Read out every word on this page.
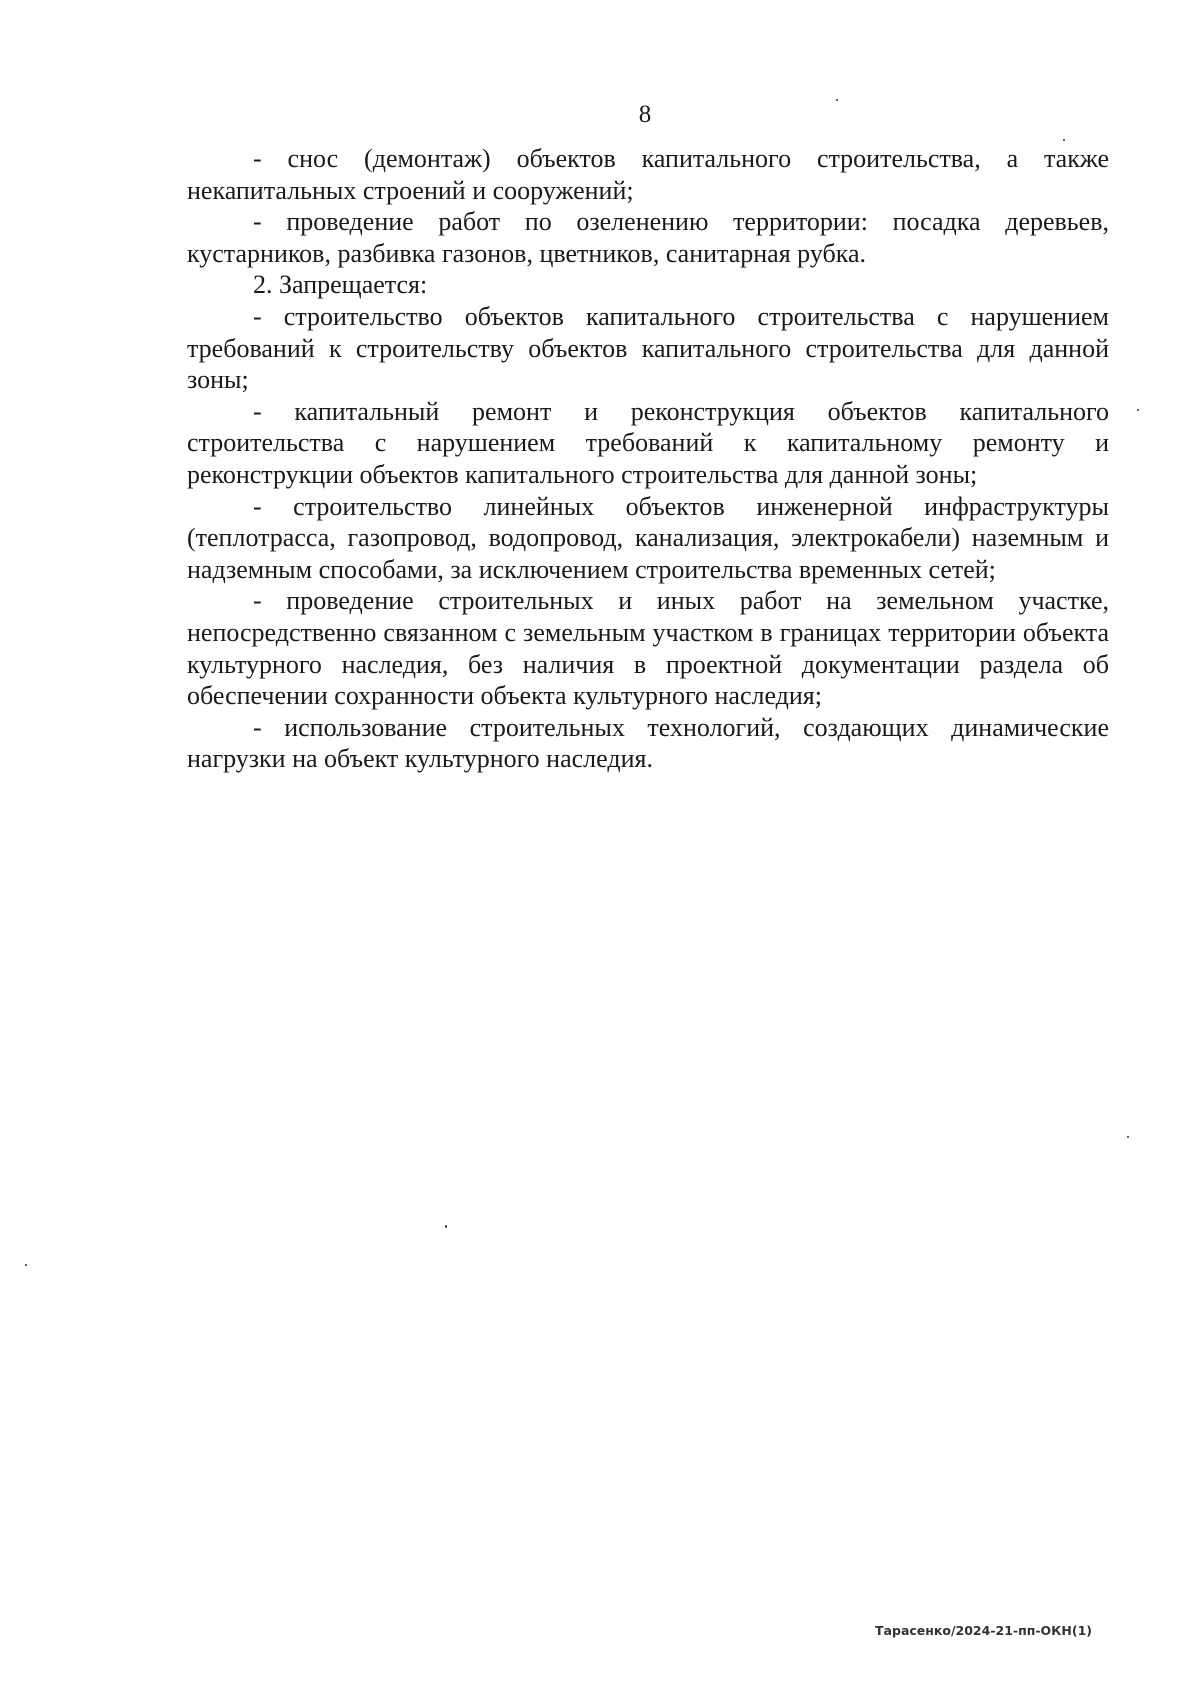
8

- снос (демонтаж) объектов капитального строительства, а также некапитальных строений и сооружений;

- проведение работ по озеленению территории: посадка деревьев, кустарников, разбивка газонов, цветников, санитарная рубка.

2. Запрещается:

- строительство объектов капитального строительства с нарушением требований к строительству объектов капитального строительства для данной зоны;

- капитальный ремонт и реконструкция объектов капитального строительства с нарушением требований к капитальному ремонту и реконструкции объектов капитального строительства для данной зоны;

- строительство линейных объектов инженерной инфраструктуры (теплотрасса, газопровод, водопровод, канализация, электрокабели) наземным и надземным способами, за исключением строительства временных сетей;

- проведение строительных и иных работ на земельном участке, непосредственно связанном с земельным участком в границах территории объекта культурного наследия, без наличия в проектной документации раздела об обеспечении сохранности объекта культурного наследия;

- использование строительных технологий, создающих динамические нагрузки на объект культурного наследия.

Тарасенко/2024-21-пп-ОКН(1)
